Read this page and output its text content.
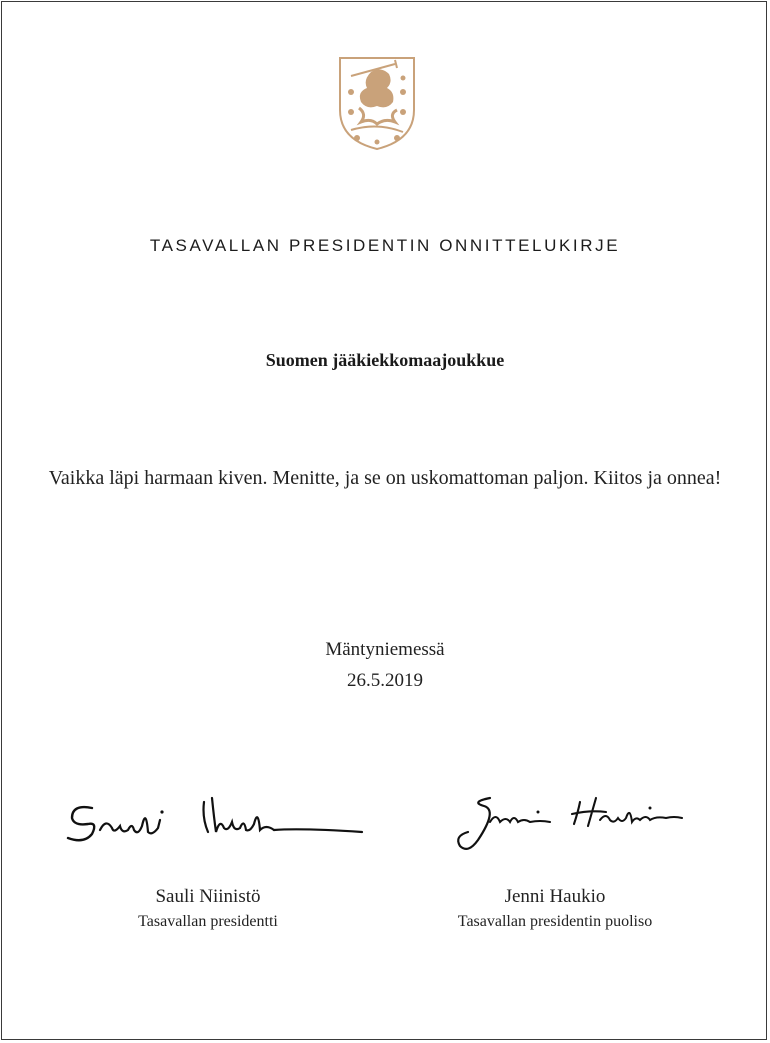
TASAVALLAN PRESIDENTIN ONNITTELUKIRJE
Suomen jääkiekkomaajoukkue
Vaikka läpi harmaan kiven. Menitte, ja se on uskomattoman paljon. Kiitos ja onnea!
Mäntyniemessä
26.5.2019
Sauli Niinistö
Tasavallan presidentti
Jenni Haukio
Tasavallan presidentin puoliso
